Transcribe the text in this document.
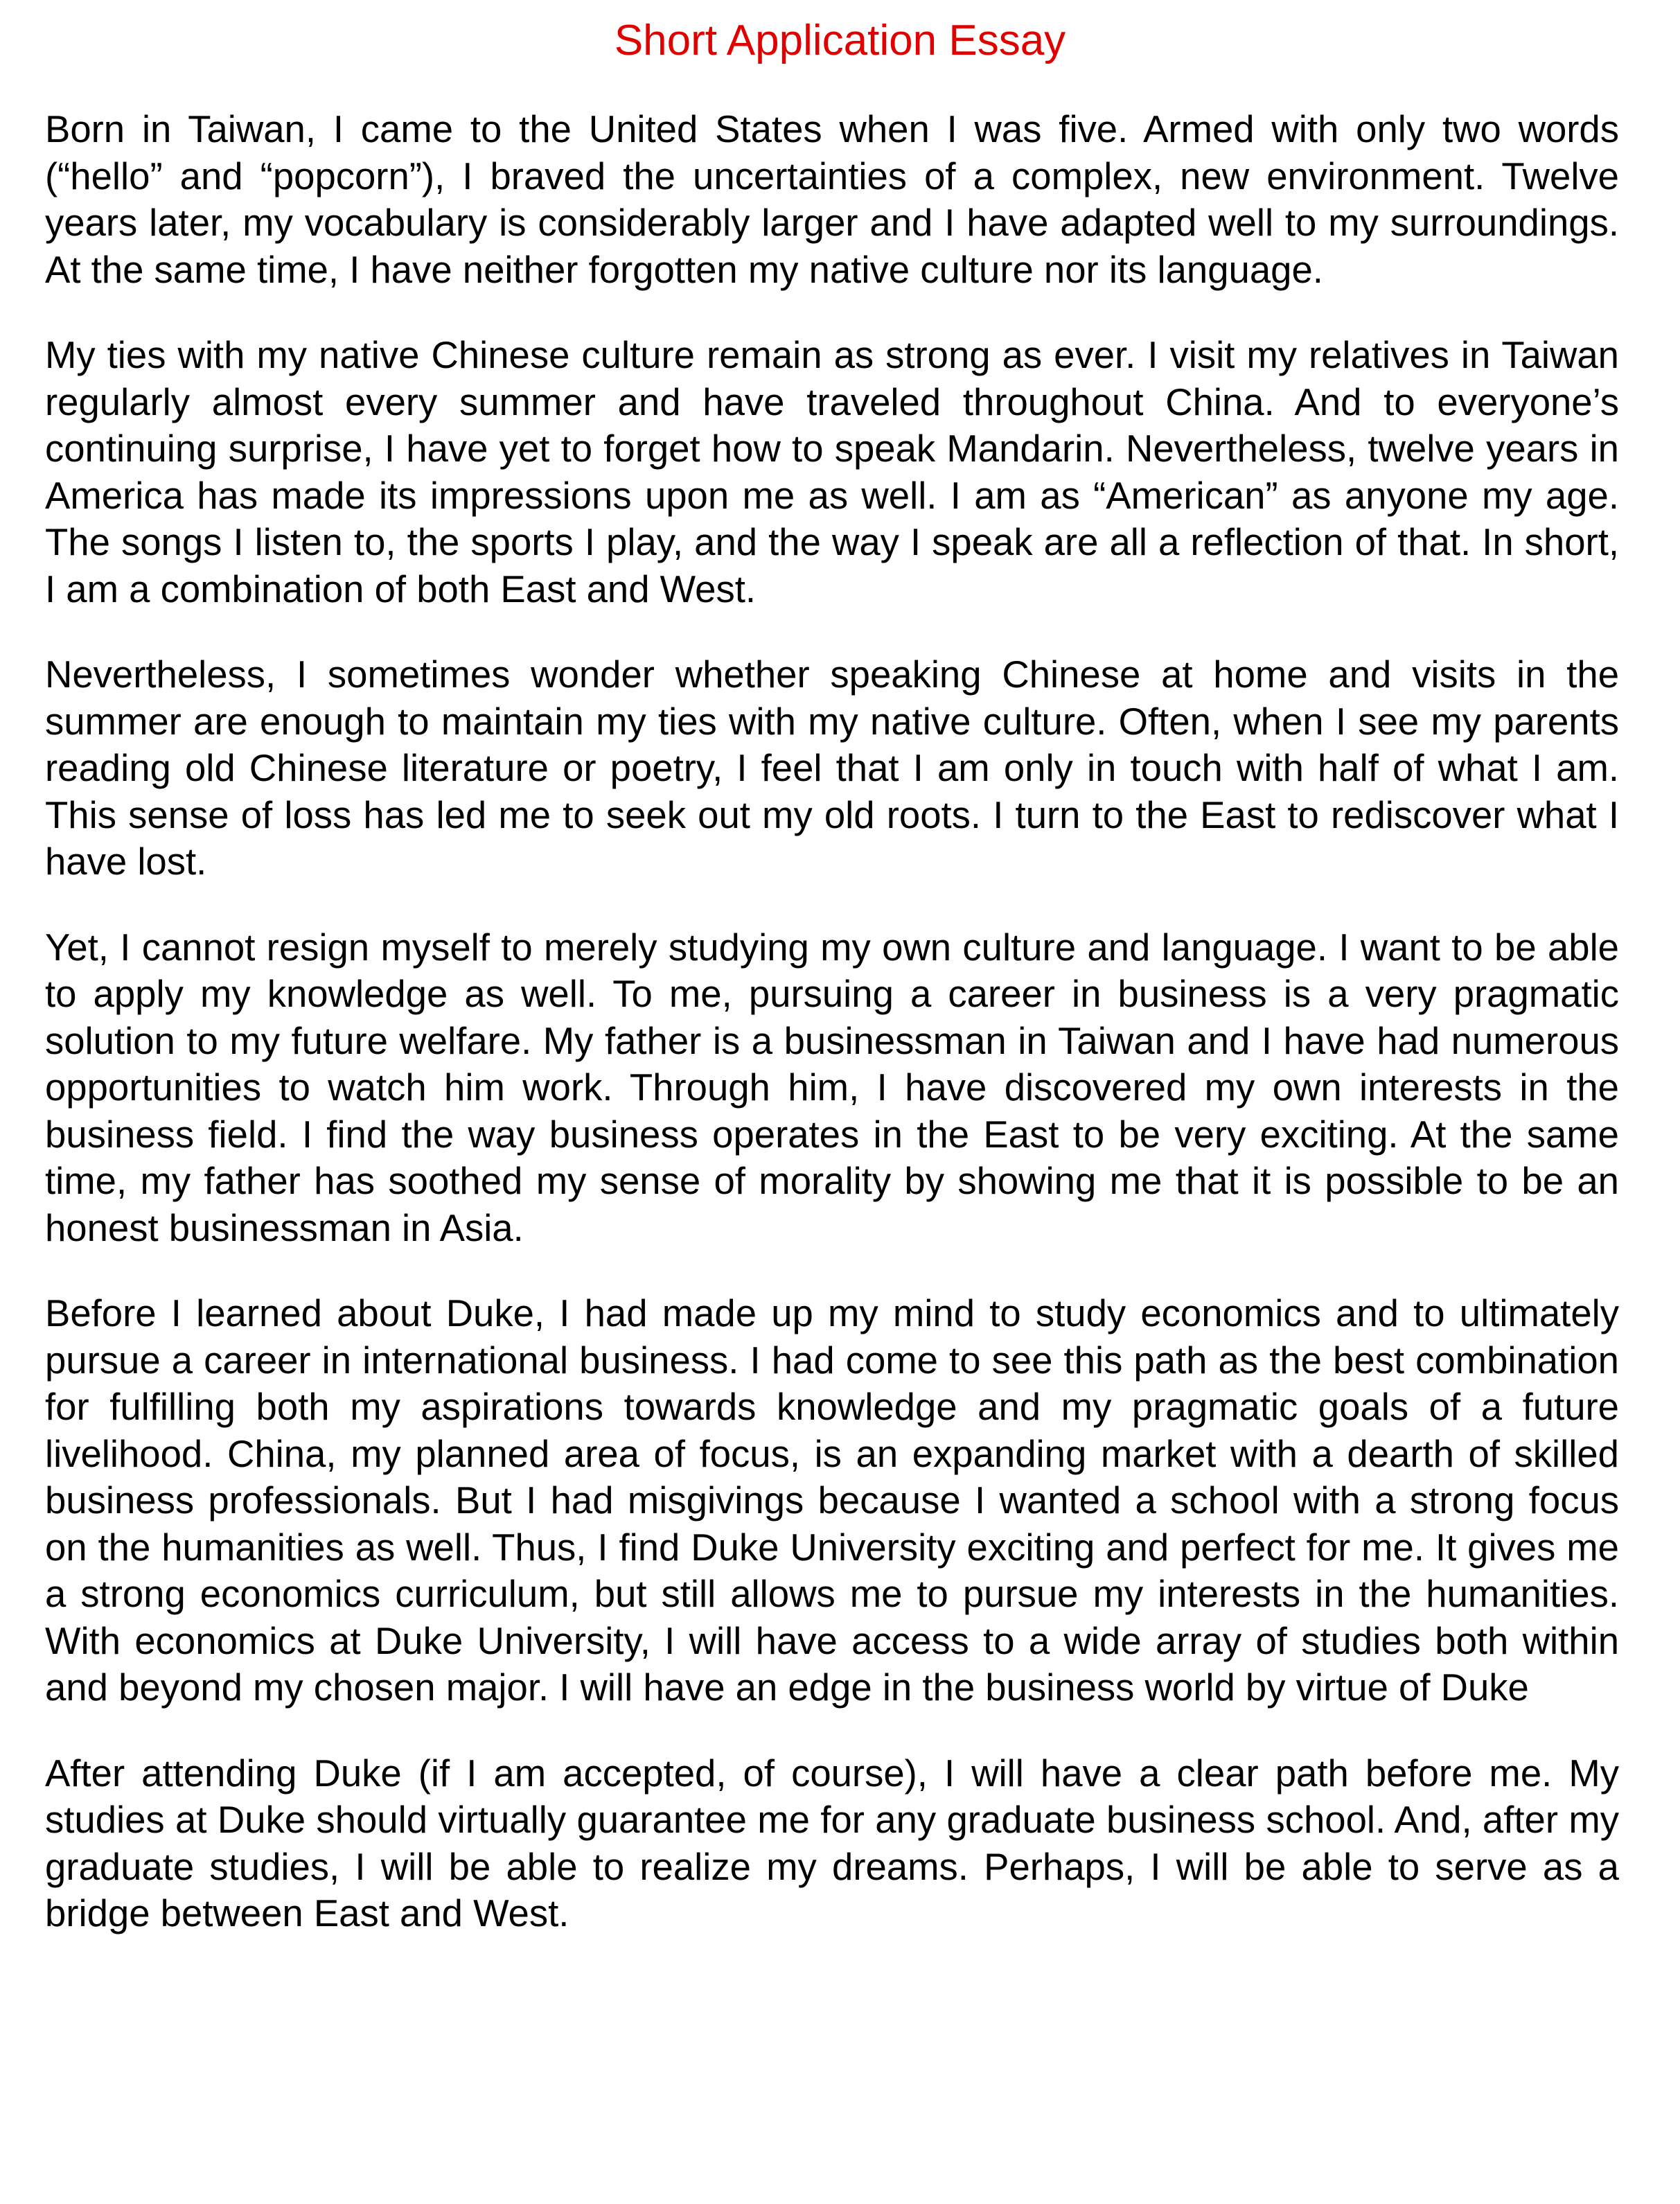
Short Application Essay

Born in Taiwan, I came to the United States when I was five. Armed with only two words (“hello” and “popcorn”), I braved the uncertainties of a complex, new environment. Twelve years later, my vocabulary is considerably larger and I have adapted well to my surroundings. At the same time, I have neither forgotten my native culture nor its language.

My ties with my native Chinese culture remain as strong as ever. I visit my relatives in Taiwan regularly almost every summer and have traveled throughout China. And to everyone’s continuing surprise, I have yet to forget how to speak Mandarin. Nevertheless, twelve years in America has made its impressions upon me as well. I am as “American” as anyone my age. The songs I listen to, the sports I play, and the way I speak are all a reflection of that. In short, I am a combination of both East and West.

Nevertheless, I sometimes wonder whether speaking Chinese at home and visits in the summer are enough to maintain my ties with my native culture. Often, when I see my parents reading old Chinese literature or poetry, I feel that I am only in touch with half of what I am. This sense of loss has led me to seek out my old roots. I turn to the East to rediscover what I have lost.

Yet, I cannot resign myself to merely studying my own culture and language. I want to be able to apply my knowledge as well. To me, pursuing a career in business is a very pragmatic solution to my future welfare. My father is a businessman in Taiwan and I have had numerous opportunities to watch him work. Through him, I have discovered my own interests in the business field. I find the way business operates in the East to be very exciting. At the same time, my father has soothed my sense of morality by showing me that it is possible to be an honest businessman in Asia.

Before I learned about Duke, I had made up my mind to study economics and to ultimately pursue a career in international business. I had come to see this path as the best combination for fulfilling both my aspirations towards knowledge and my pragmatic goals of a future livelihood. China, my planned area of focus, is an expanding market with a dearth of skilled business professionals. But I had misgivings because I wanted a school with a strong focus on the humanities as well. Thus, I find Duke University exciting and perfect for me. It gives me a strong economics curriculum, but still allows me to pursue my interests in the humanities. With economics at Duke University, I will have access to a wide array of studies both within and beyond my chosen major. I will have an edge in the business world by virtue of Duke

After attending Duke (if I am accepted, of course), I will have a clear path before me. My studies at Duke should virtually guarantee me for any graduate business school. And, after my graduate studies, I will be able to realize my dreams. Perhaps, I will be able to serve as a bridge between East and West.
